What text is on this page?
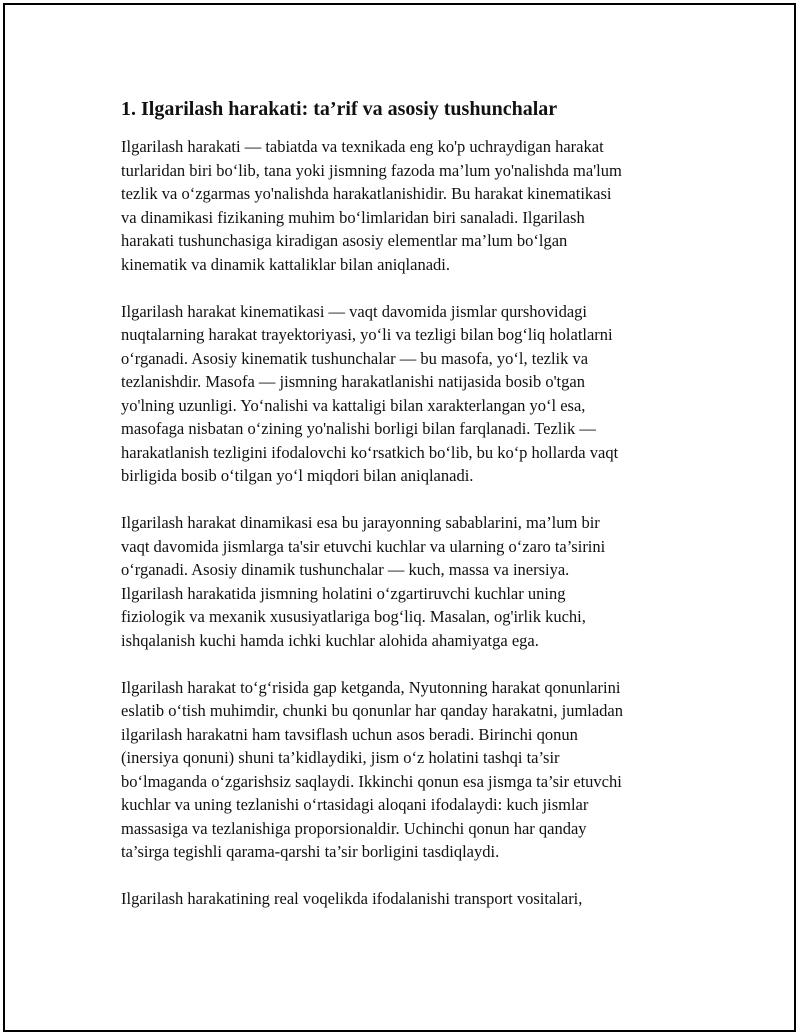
1. Ilgarilash harakati: ta’rif va asosiy tushunchalar

Ilgarilash harakati — tabiatda va texnikada eng ko'p uchraydigan harakat
turlaridan biri bo‘lib, tana yoki jismning fazoda ma’lum yo'nalishda ma'lum
tezlik va o‘zgarmas yo'nalishda harakatlanishidir. Bu harakat kinematikasi
va dinamikasi fizikaning muhim bo‘limlaridan biri sanaladi. Ilgarilash
harakati tushunchasiga kiradigan asosiy elementlar ma’lum bo‘lgan
kinematik va dinamik kattaliklar bilan aniqlanadi.

Ilgarilash harakat kinematikasi — vaqt davomida jismlar qurshovidagi
nuqtalarning harakat trayektoriyasi, yo‘li va tezligi bilan bog‘liq holatlarni
o‘rganadi. Asosiy kinematik tushunchalar — bu masofa, yo‘l, tezlik va
tezlanishdir. Masofa — jismning harakatlanishi natijasida bosib o'tgan
yo'lning uzunligi. Yo‘nalishi va kattaligi bilan xarakterlangan yo‘l esa,
masofaga nisbatan o‘zining yo'nalishi borligi bilan farqlanadi. Tezlik —
harakatlanish tezligini ifodalovchi ko‘rsatkich bo‘lib, bu ko‘p hollarda vaqt
birligida bosib o‘tilgan yo‘l miqdori bilan aniqlanadi.

Ilgarilash harakat dinamikasi esa bu jarayonning sabablarini, ma’lum bir
vaqt davomida jismlarga ta'sir etuvchi kuchlar va ularning o‘zaro ta’sirini
o‘rganadi. Asosiy dinamik tushunchalar — kuch, massa va inersiya.
Ilgarilash harakatida jismning holatini o‘zgartiruvchi kuchlar uning
fiziologik va mexanik xususiyatlariga bog‘liq. Masalan, og'irlik kuchi,
ishqalanish kuchi hamda ichki kuchlar alohida ahamiyatga ega.

Ilgarilash harakat to‘g‘risida gap ketganda, Nyutonning harakat qonunlarini
eslatib o‘tish muhimdir, chunki bu qonunlar har qanday harakatni, jumladan
ilgarilash harakatni ham tavsiflash uchun asos beradi. Birinchi qonun
(inersiya qonuni) shuni ta’kidlaydiki, jism o‘z holatini tashqi ta’sir
bo‘lmaganda o‘zgarishsiz saqlaydi. Ikkinchi qonun esa jismga ta’sir etuvchi
kuchlar va uning tezlanishi o‘rtasidagi aloqani ifodalaydi: kuch jismlar
massasiga va tezlanishiga proporsionaldir. Uchinchi qonun har qanday
ta’sirga tegishli qarama-qarshi ta’sir borligini tasdiqlaydi.

Ilgarilash harakatining real voqelikda ifodalanishi transport vositalari,
